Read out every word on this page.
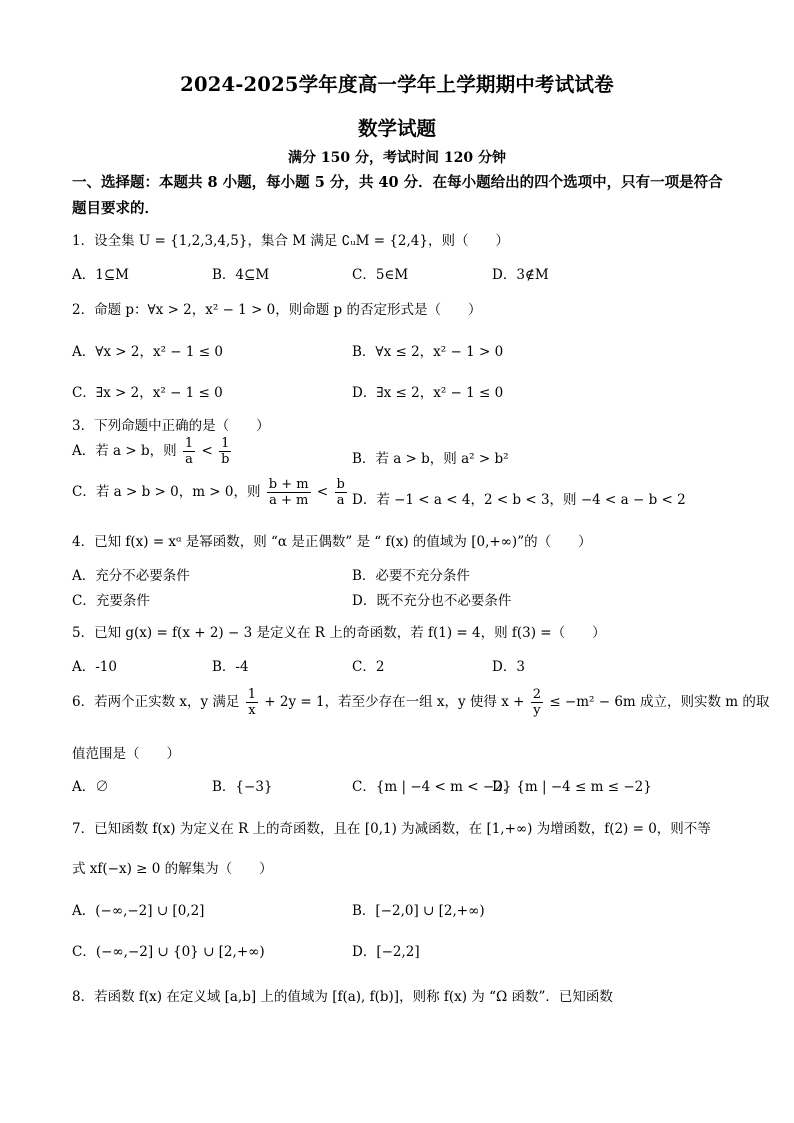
2024-2025学年度高一学年上学期期中考试试卷
数学试题
满分 150 分，考试时间 120 分钟
一、选择题：本题共 8 小题，每小题 5 分，共 40 分．在每小题给出的四个选项中，只有一项是符合题目要求的．
1．设全集 U = {1,2,3,4,5}，集合 M 满足 ∁ᵤM = {2,4}，则（　　）
A．1⊆M	B．4⊆M	C．5∈M	D．3∉M
2．命题 p：∀x > 2，x² − 1 > 0，则命题 p 的否定形式是（　　）
A．∀x > 2，x² − 1 ≤ 0	B．∀x ≤ 2，x² − 1 > 0
C．∃x > 2，x² − 1 ≤ 0	D．∃x ≤ 2，x² − 1 ≤ 0
3．下列命题中正确的是（　　）
A．若 a > b，则 $\frac{1}{a} < \frac{1}{b}$	B．若 a > b，则 a² > b²
C．若 a > b > 0，m > 0，则 $\frac{b + m}{a + m} < \frac{b}{a}$ D．若 −1 < a < 4，2 < b < 3，则 −4 < a − b < 2
4．已知 f(x) = xᵅ 是幂函数，则 “α 是正偶数” 是 “ f(x) 的值域为 [0,+∞)”的（　　）
A．充分不必要条件	B．必要不充分条件
C．充要条件	D．既不充分也不必要条件
5．已知 g(x) = f(x + 2) − 3 是定义在 R 上的奇函数，若 f(1) = 4，则 f(3) =（　　）
A．-10	B．-4	C．2	D．3
6．若两个正实数 x，y 满足 $\frac{1}{x} + 2y = 1$，若至少存在一组 x，y 使得 $x + \frac{2}{y} \le -m^2 - 6m$ 成立，则实数 m 的取
值范围是（　　）
A．∅	B．{−3}	C．{m | −4 < m < −2}
D．{m | −4 ≤ m ≤ −2}
7．已知函数 f(x) 为定义在 R 上的奇函数，且在 [0,1) 为减函数，在 [1,+∞) 为增函数，f(2) = 0，则不等
式 xf(−x) ≥ 0 的解集为（　　）
A．(−∞,−2] ∪ [0,2]	B．[−2,0] ∪ [2,+∞)
C．(−∞,−2] ∪ {0} ∪ [2,+∞)	D．[−2,2]
8．若函数 f(x) 在定义域 [a,b] 上的值域为 [f(a), f(b)]，则称 f(x) 为 “Ω 函数”．已知函数
